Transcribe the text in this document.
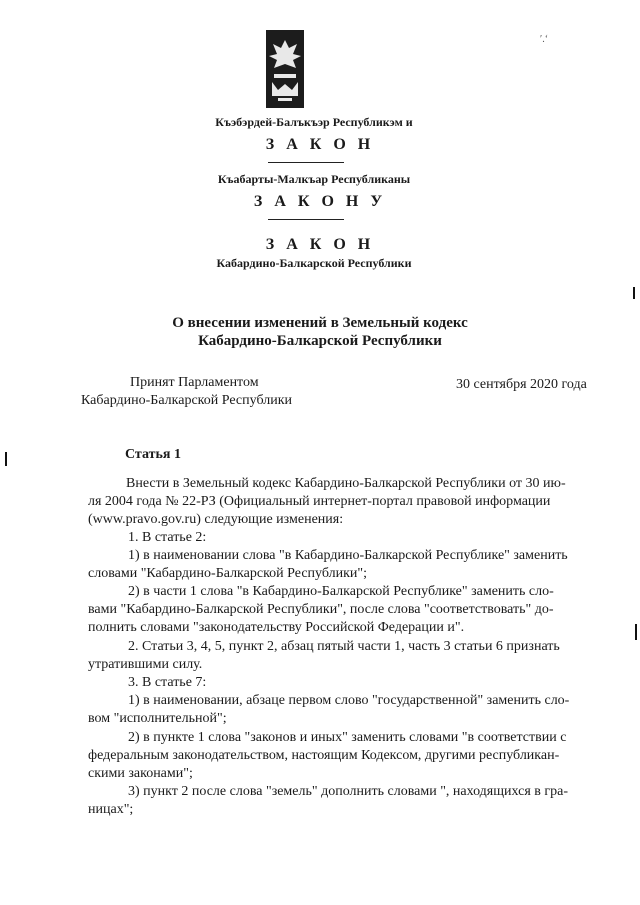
′.‘
Къэбэрдей-Балъкъэр Республикэм и
З А К О Н
Къабарты-Малкъар Республиканы
З А К О Н У
З А К О Н
Кабардино-Балкарской Республики
О внесении изменений в Земельный кодекс
Кабардино-Балкарской Республики
Принят Парламентом
Кабардино-Балкарской Республики
30 сентября 2020 года
Статья 1
Внести в Земельный кодекс Кабардино-Балкарской Республики от 30 ию-
ля 2004 года № 22-РЗ (Официальный интернет-портал правовой информации
(www.pravo.gov.ru) следующие изменения:
1. В статье 2:
1) в наименовании слова "в Кабардино-Балкарской Республике" заменить
словами "Кабардино-Балкарской Республики";
2) в части 1 слова "в Кабардино-Балкарской Республике" заменить сло-
вами "Кабардино-Балкарской Республики", после слова "соответствовать" до-
полнить словами "законодательству Российской Федерации и".
2. Статьи 3, 4, 5, пункт 2, абзац пятый части 1, часть 3 статьи 6 признать
утратившими силу.
3. В статье 7:
1) в наименовании, абзаце первом слово "государственной" заменить сло-
вом "исполнительной";
2) в пункте 1 слова "законов и иных" заменить словами "в соответствии с
федеральным законодательством, настоящим Кодексом, другими республикан-
скими законами";
3) пункт 2 после слова "земель" дополнить словами ", находящихся в гра-
ницах";
